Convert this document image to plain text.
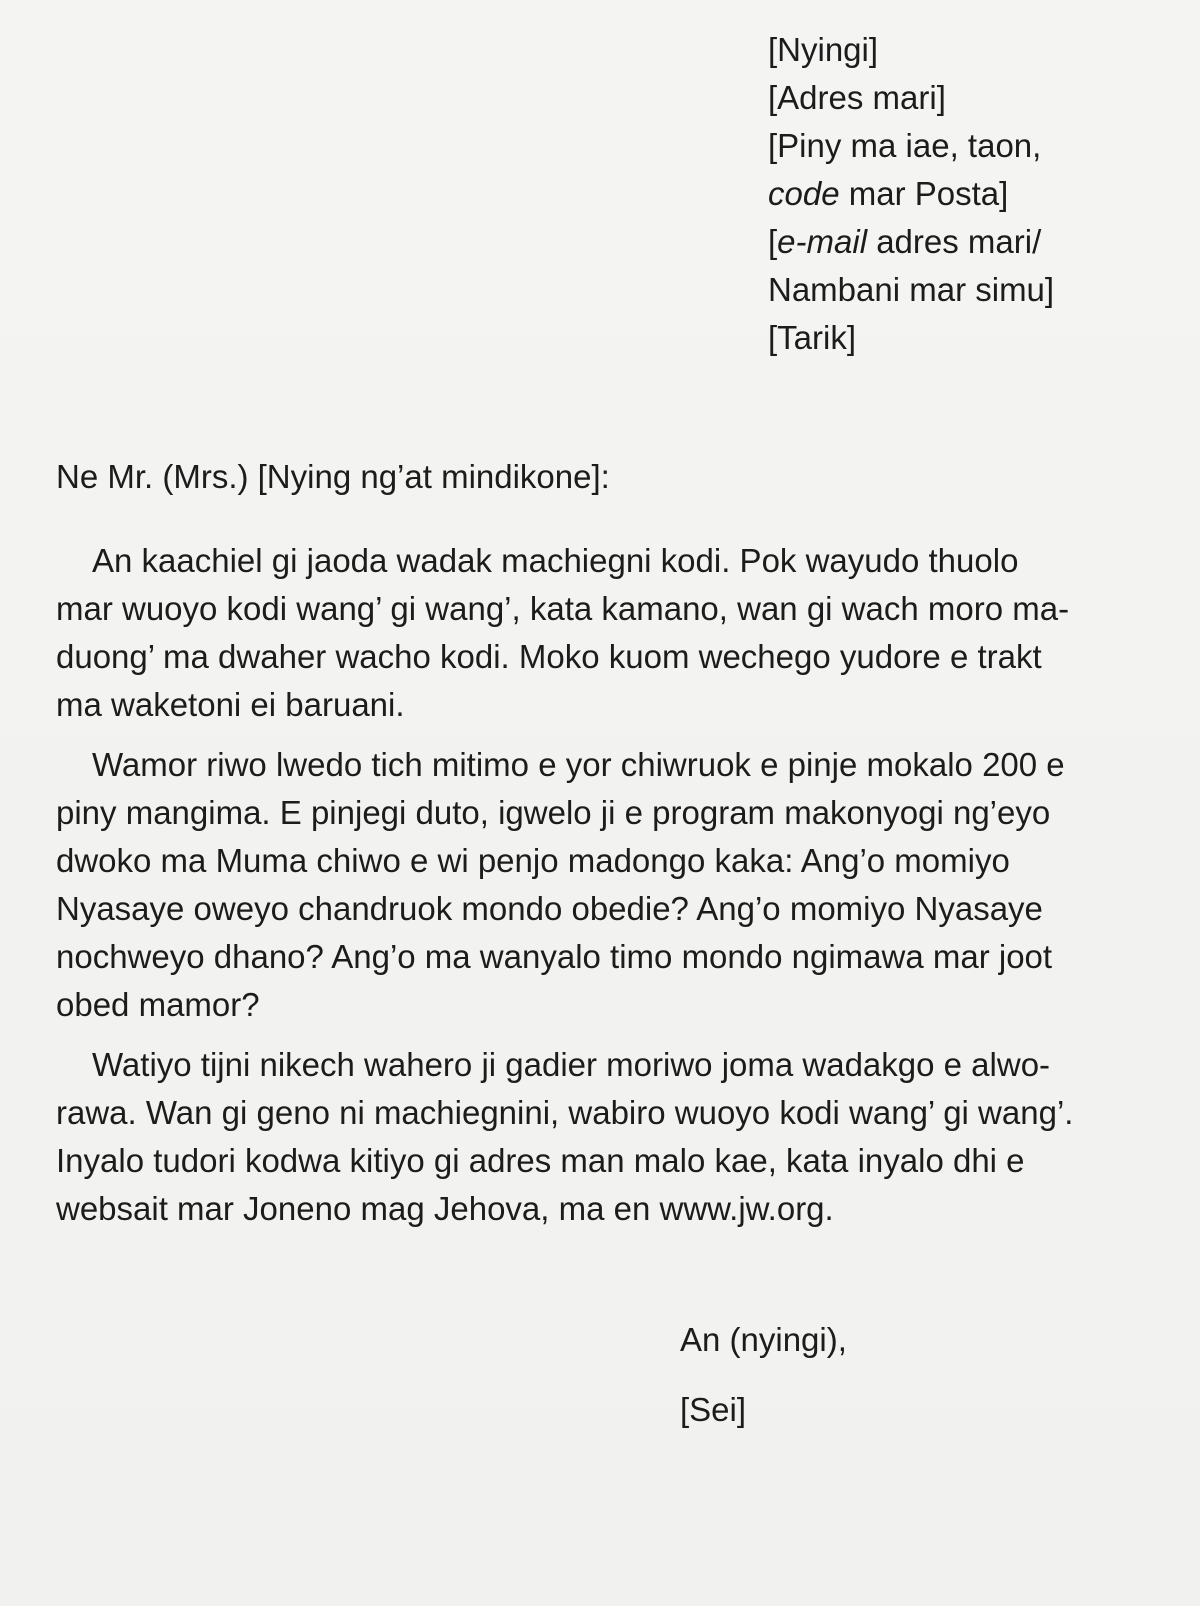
[Nyingi]
[Adres mari]
[Piny ma iae, taon,
code mar Posta]
[e-mail adres mari/
Nambani mar simu]
[Tarik]
Ne Mr. (Mrs.) [Nying ng’at mindikone]:

An kaachiel gi jaoda wadak machiegni kodi. Pok wayudo thuolo
mar wuoyo kodi wang’ gi wang’, kata kamano, wan gi wach moro ma-
duong’ ma dwaher wacho kodi. Moko kuom wechego yudore e trakt
ma waketoni ei baruani.

Wamor riwo lwedo tich mitimo e yor chiwruok e pinje mokalo 200 e
piny mangima. E pinjegi duto, igwelo ji e program makonyogi ng’eyo
dwoko ma Muma chiwo e wi penjo madongo kaka: Ang’o momiyo
Nyasaye oweyo chandruok mondo obedie? Ang’o momiyo Nyasaye
nochweyo dhano? Ang’o ma wanyalo timo mondo ngimawa mar joot
obed mamor?

Watiyo tijni nikech wahero ji gadier moriwo joma wadakgo e alwo-
rawa. Wan gi geno ni machiegnini, wabiro wuoyo kodi wang’ gi wang’.
Inyalo tudori kodwa kitiyo gi adres man malo kae, kata inyalo dhi e
websait mar Joneno mag Jehova, ma en www.jw.org.

An (nyingi),
[Sei]
